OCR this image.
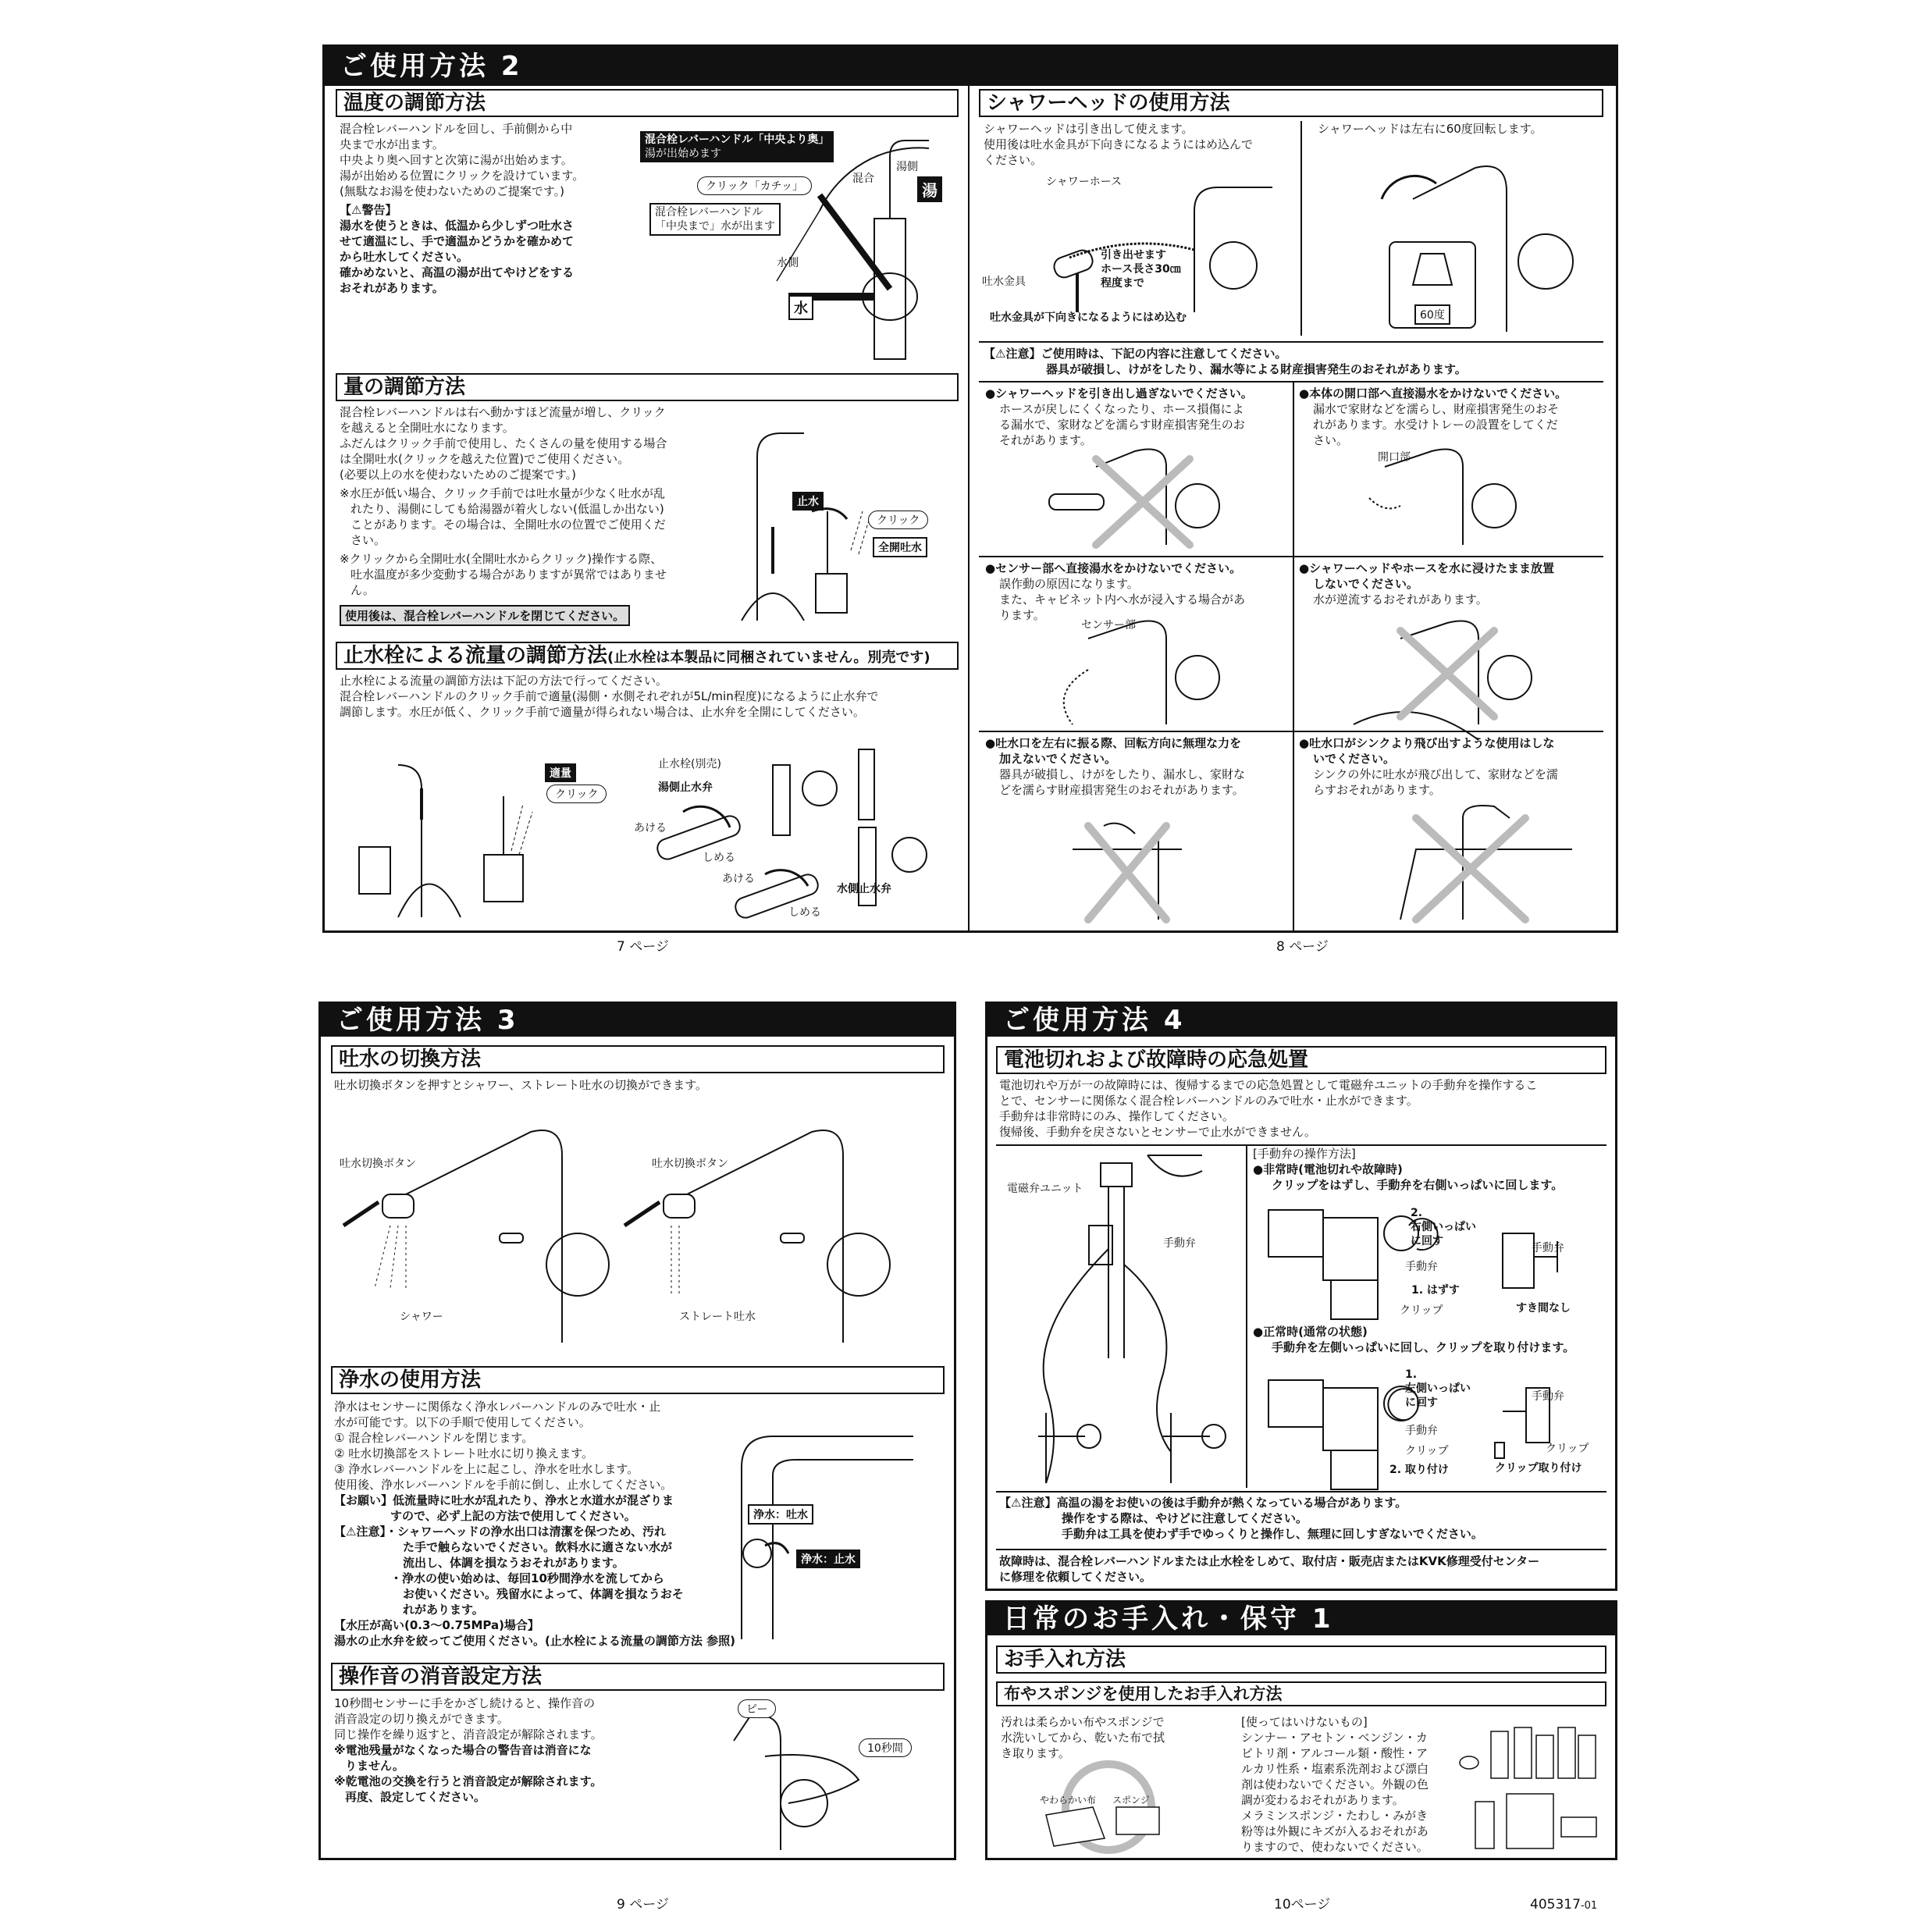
ご使用方法 2
温度の調節方法
混合栓レバーハンドルを回し、手前側から中
央まで水が出ます。
中央より奥へ回すと次第に湯が出始めます。
湯が出始める位置にクリックを設けています。
(無駄なお湯を使わないためのご提案です。)
【⚠警告】
湯水を使うときは、低温から少しずつ吐水さ
せて適温にし、手で適温かどうかを確かめて
から吐水してください。
確かめないと、高温の湯が出てやけどをする
おそれがあります。
混合栓レバーハンドル「中央より奥」
湯が出始めます
クリック「カチッ」
混合栓レバーハンドル
「中央まで」水が出ます
湯側
混合
湯
水側
水
量の調節方法
混合栓レバーハンドルは右へ動かすほど流量が増し、クリック
を越えると全開吐水になります。
ふだんはクリック手前で使用し、たくさんの量を使用する場合
は全開吐水(クリックを越えた位置)でご使用ください。
(必要以上の水を使わないためのご提案です。)
※水圧が低い場合、クリック手前では吐水量が少なく吐水が乱
れたり、湯側にしても給湯器が着火しない(低温しか出ない)
ことがあります。その場合は、全開吐水の位置でご使用くだ
さい。
※クリックから全開吐水(全開吐水からクリック)操作する際、
吐水温度が多少変動する場合がありますが異常ではありませ
ん。
使用後は、混合栓レバーハンドルを閉じてください。
止水
クリック
全開吐水
止水栓による流量の調節方法(止水栓は本製品に同梱されていません。別売です)
止水栓による流量の調節方法は下記の方法で行ってください。
混合栓レバーハンドルのクリック手前で適量(湯側・水側それぞれが5L/min程度)になるように止水弁で
調節します。水圧が低く、クリック手前で適量が得られない場合は、止水弁を全開にしてください。
適量
クリック
止水栓(別売)
湯側止水弁
あける
しめる
あける
水側止水弁
しめる
シャワーヘッドの使用方法
シャワーヘッドは引き出して使えます。
使用後は吐水金具が下向きになるようにはめ込んで
ください。
シャワーホース
引き出せます
ホース長さ30㎝
程度まで
吐水金具
吐水金具が下向きになるようにはめ込む
シャワーヘッドは左右に60度回転します。
60度
【⚠注意】ご使用時は、下記の内容に注意してください。
器具が破損し、けがをしたり、漏水等による財産損害発生のおそれがあります。
●シャワーヘッドを引き出し過ぎないでください。
ホースが戻しにくくなったり、ホース損傷によ
る漏水で、家財などを濡らす財産損害発生のお
それがあります。
●本体の開口部へ直接湯水をかけないでください。
漏水で家財などを濡らし、財産損害発生のおそ
れがあります。水受けトレーの設置をしてくだ
さい。
開口部
●センサー部へ直接湯水をかけないでください。
誤作動の原因になります。
また、キャビネット内へ水が浸入する場合があ
ります。
センサー部
●シャワーヘッドやホースを水に浸けたまま放置
しないでください。
水が逆流するおそれがあります。
●吐水口を左右に振る際、回転方向に無理な力を
加えないでください。
器具が破損し、けがをしたり、漏水し、家財な
どを濡らす財産損害発生のおそれがあります。
●吐水口がシンクより飛び出すような使用はしな
いでください。
シンクの外に吐水が飛び出して、家財などを濡
らすおそれがあります。
7 ページ	8 ページ
ご使用方法 3
吐水の切換方法
吐水切換ボタンを押すとシャワー、ストレート吐水の切換ができます。
吐水切換ボタン	吐水切換ボタン
シャワー	ストレート吐水
浄水の使用方法
浄水はセンサーに関係なく浄水レバーハンドルのみで吐水・止
水が可能です。以下の手順で使用してください。
① 混合栓レバーハンドルを閉じます。
② 吐水切換部をストレート吐水に切り換えます。
③ 浄水レバーハンドルを上に起こし、浄水を吐水します。
使用後、浄水レバーハンドルを手前に倒し、止水してください。
【お願い】低流量時に吐水が乱れたり、浄水と水道水が混ざりま
すので、必ず上記の方法で使用してください。
【⚠注意】・シャワーヘッドの浄水出口は清潔を保つため、汚れ
た手で触らないでください。飲料水に適さない水が
流出し、体調を損なうおそれがあります。
・浄水の使い始めは、毎回10秒間浄水を流してから
お使いください。残留水によって、体調を損なうおそ
れがあります。
【水圧が高い(0.3〜0.75MPa)場合】
湯水の止水弁を絞ってご使用ください。(止水栓による流量の調節方法 参照)
浄水：吐水
浄水：止水
操作音の消音設定方法
10秒間センサーに手をかざし続けると、操作音の
消音設定の切り換えができます。
同じ操作を繰り返すと、消音設定が解除されます。
※電池残量がなくなった場合の警告音は消音にな
りません。
※乾電池の交換を行うと消音設定が解除されます。
再度、設定してください。
ピー
10秒間
9 ページ
ご使用方法 4
電池切れおよび故障時の応急処置
電池切れや万が一の故障時には、復帰するまでの応急処置として電磁弁ユニットの手動弁を操作するこ
とで、センサーに関係なく混合栓レバーハンドルのみで吐水・止水ができます。
手動弁は非常時にのみ、操作してください。
復帰後、手動弁を戻さないとセンサーで止水ができません。
電磁弁ユニット
手動弁
[手動弁の操作方法]
●非常時(電池切れや故障時)
クリップをはずし、手動弁を右側いっぱいに回します。
2.
右側いっぱい
に回す
手動弁
1. はずす
クリップ
手動弁
すき間なし
●正常時(通常の状態)
手動弁を左側いっぱいに回し、クリップを取り付けます。
1.
左側いっぱい
に回す
手動弁
クリップ
2. 取り付け
手動弁
クリップ
クリップ取り付け
【⚠注意】高温の湯をお使いの後は手動弁が熱くなっている場合があります。
操作をする際は、やけどに注意してください。
手動弁は工具を使わず手でゆっくりと操作し、無理に回しすぎないでください。
故障時は、混合栓レバーハンドルまたは止水栓をしめて、取付店・販売店またはKVK修理受付センター
に修理を依頼してください。
日常のお手入れ・保守 1
お手入れ方法
布やスポンジを使用したお手入れ方法
汚れは柔らかい布やスポンジで
水洗いしてから、乾いた布で拭
き取ります。
やわらかい布 スポンジ
[使ってはいけないもの]
シンナー・アセトン・ベンジン・カ
ビトリ剤・アルコール類・酸性・ア
ルカリ性系・塩素系洗剤および漂白
剤は使わないでください。外観の色
調が変わるおそれがあります。
メラミンスポンジ・たわし・みがき
粉等は外観にキズが入るおそれがあ
りますので、使わないでください。
10ページ	405317-01
